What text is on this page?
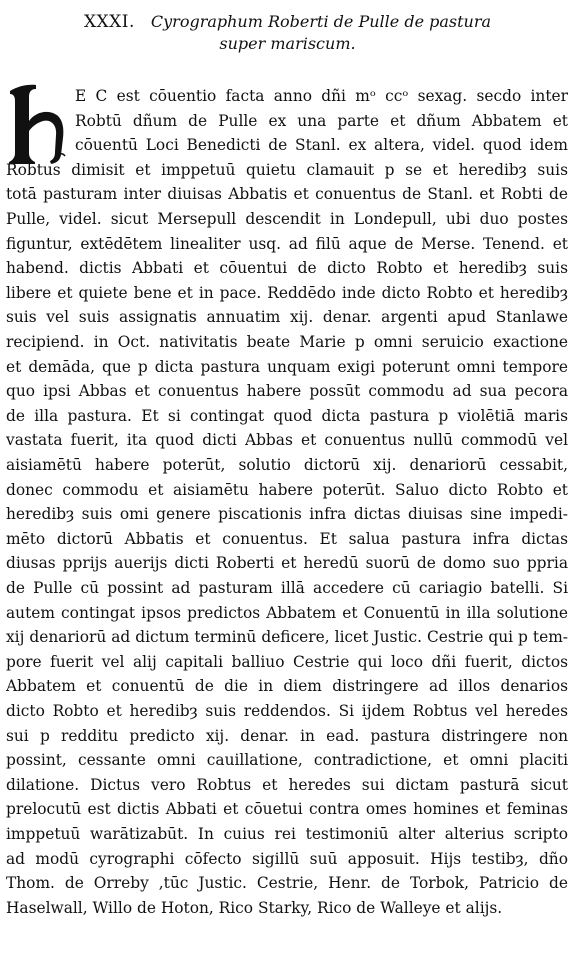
XXXI. Cyrographum Roberti de Pulle de pastura
super mariscum.
E C est cōuentio facta anno dñi mᵒ ccᵒ sexag. secdo inter
Robtū dñum de Pulle ex una parte et dñum Abbatem et
cōuentū Loci Benedicti de Stanl. ex altera, videl. quod idem
Robtus dimisit et imppetuū quietu clamauit p se et heredibȝ suis
totā pasturam inter diuisas Abbatis et conuentus de Stanl. et Robti de
Pulle, videl. sicut Mersepull descendit in Londepull, ubi duo postes
figuntur, extēdētem linealiter usq. ad filū aque de Merse. Tenend. et
habend. dictis Abbati et cōuentui de dicto Robto et heredibȝ suis
libere et quiete bene et in pace. Reddēdo inde dicto Robto et heredibȝ
suis vel suis assignatis annuatim xij. denar. argenti apud Stanlawe
recipiend. in Oct. nativitatis beate Marie p omni seruicio exactione
et demāda, que p dicta pastura unquam exigi poterunt omni tempore
quo ipsi Abbas et conuentus habere possūt commodu ad sua pecora
de illa pastura. Et si contingat quod dicta pastura p violētiā maris
vastata fuerit, ita quod dicti Abbas et conuentus nullū commodū vel
aisiamētū habere poterūt, solutio dictorū xij. denariorū cessabit,
donec commodu et aisiamētu habere poterūt. Saluo dicto Robto et
heredibȝ suis omi genere piscationis infra dictas diuisas sine impedi-
mēto dictorū Abbatis et conuentus. Et salua pastura infra dictas
diusas pprijs auerijs dicti Roberti et heredū suorū de domo suo ppria
de Pulle cū possint ad pasturam illā accedere cū cariagio batelli. Si
autem contingat ipsos predictos Abbatem et Conuentū in illa solutione
xij denariorū ad dictum terminū deficere, licet Justic. Cestrie qui p tem-
pore fuerit vel alij capitali balliuo Cestrie qui loco dñi fuerit, dictos
Abbatem et conuentū de die in diem distringere ad illos denarios
dicto Robto et heredibȝ suis reddendos. Si ijdem Robtus vel heredes
sui p redditu predicto xij. denar. in ead. pastura distringere non
possint, cessante omni cauillatione, contradictione, et omni placiti
dilatione. Dictus vero Robtus et heredes sui dictam pasturā sicut
prelocutū est dictis Abbati et cōuetui contra omes homines et feminas
imppetuū warātizabūt. In cuius rei testimoniū alter alterius scripto
ad modū cyrographi cōfecto sigillū suū apposuit. Hijs testibȝ, dño
Thom. de Orreby ,tūc Justic. Cestrie, Henr. de Torbok, Patricio de
Haselwall, Willo de Hoton, Rico Starky, Rico de Walleye et alijs.
